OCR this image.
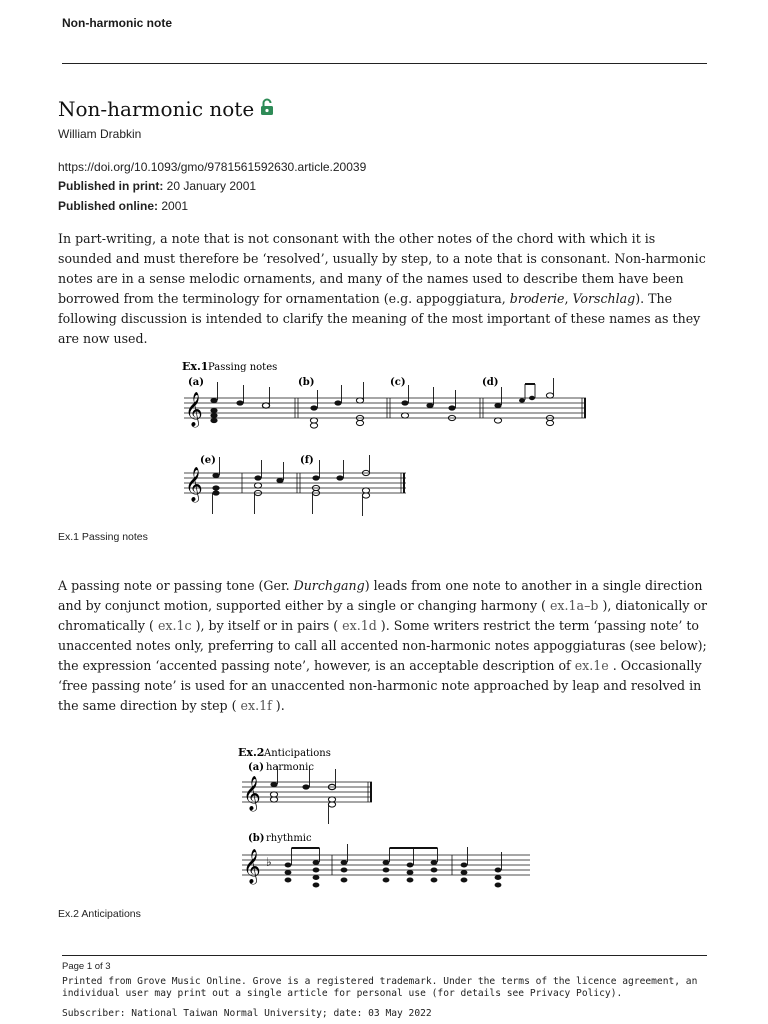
Non-harmonic note
Non-harmonic note
William Drabkin
https://doi.org/10.1093/gmo/9781561592630.article.20039
Published in print: 20 January 2001
Published online: 2001

In part-writing, a note that is not consonant with the other notes of the chord with which it is sounded and must therefore be ‘resolved’, usually by step, to a note that is consonant. Non-harmonic notes are in a sense melodic ornaments, and many of the names used to describe them have been borrowed from the terminology for ornamentation (e.g. appoggiatura, broderie, Vorschlag). The following discussion is intended to clarify the meaning of the most important of these names as they are now used.

Ex.1 Passing notes
(a)	(b)	(c)	(d)
(e)	(f)
𝄞
𝄞
Ex.1 Passing notes

A passing note or passing tone (Ger. Durchgang) leads from one note to another in a single direction and by conjunct motion, supported either by a single or changing harmony ( ex.1a–b ), diatonically or chromatically ( ex.1c ), by itself or in pairs ( ex.1d ). Some writers restrict the term ‘passing note’ to unaccented notes only, preferring to call all accented non-harmonic notes appoggiaturas (see below); the expression ‘accented passing note’, however, is an acceptable description of ex.1e . Occasionally ‘free passing note’ is used for an unaccented non-harmonic note approached by leap and resolved in the same direction by step ( ex.1f ).

Ex.2 Anticipations
(a) harmonic
𝄞
(b) rhythmic
𝄞 ♭
Ex.2 Anticipations
Page 1 of 3
Printed from Grove Music Online. Grove is a registered trademark. Under the terms of the licence agreement, an individual user may print out a single article for personal use (for details see Privacy Policy).
Subscriber: National Taiwan Normal University; date: 03 May 2022
